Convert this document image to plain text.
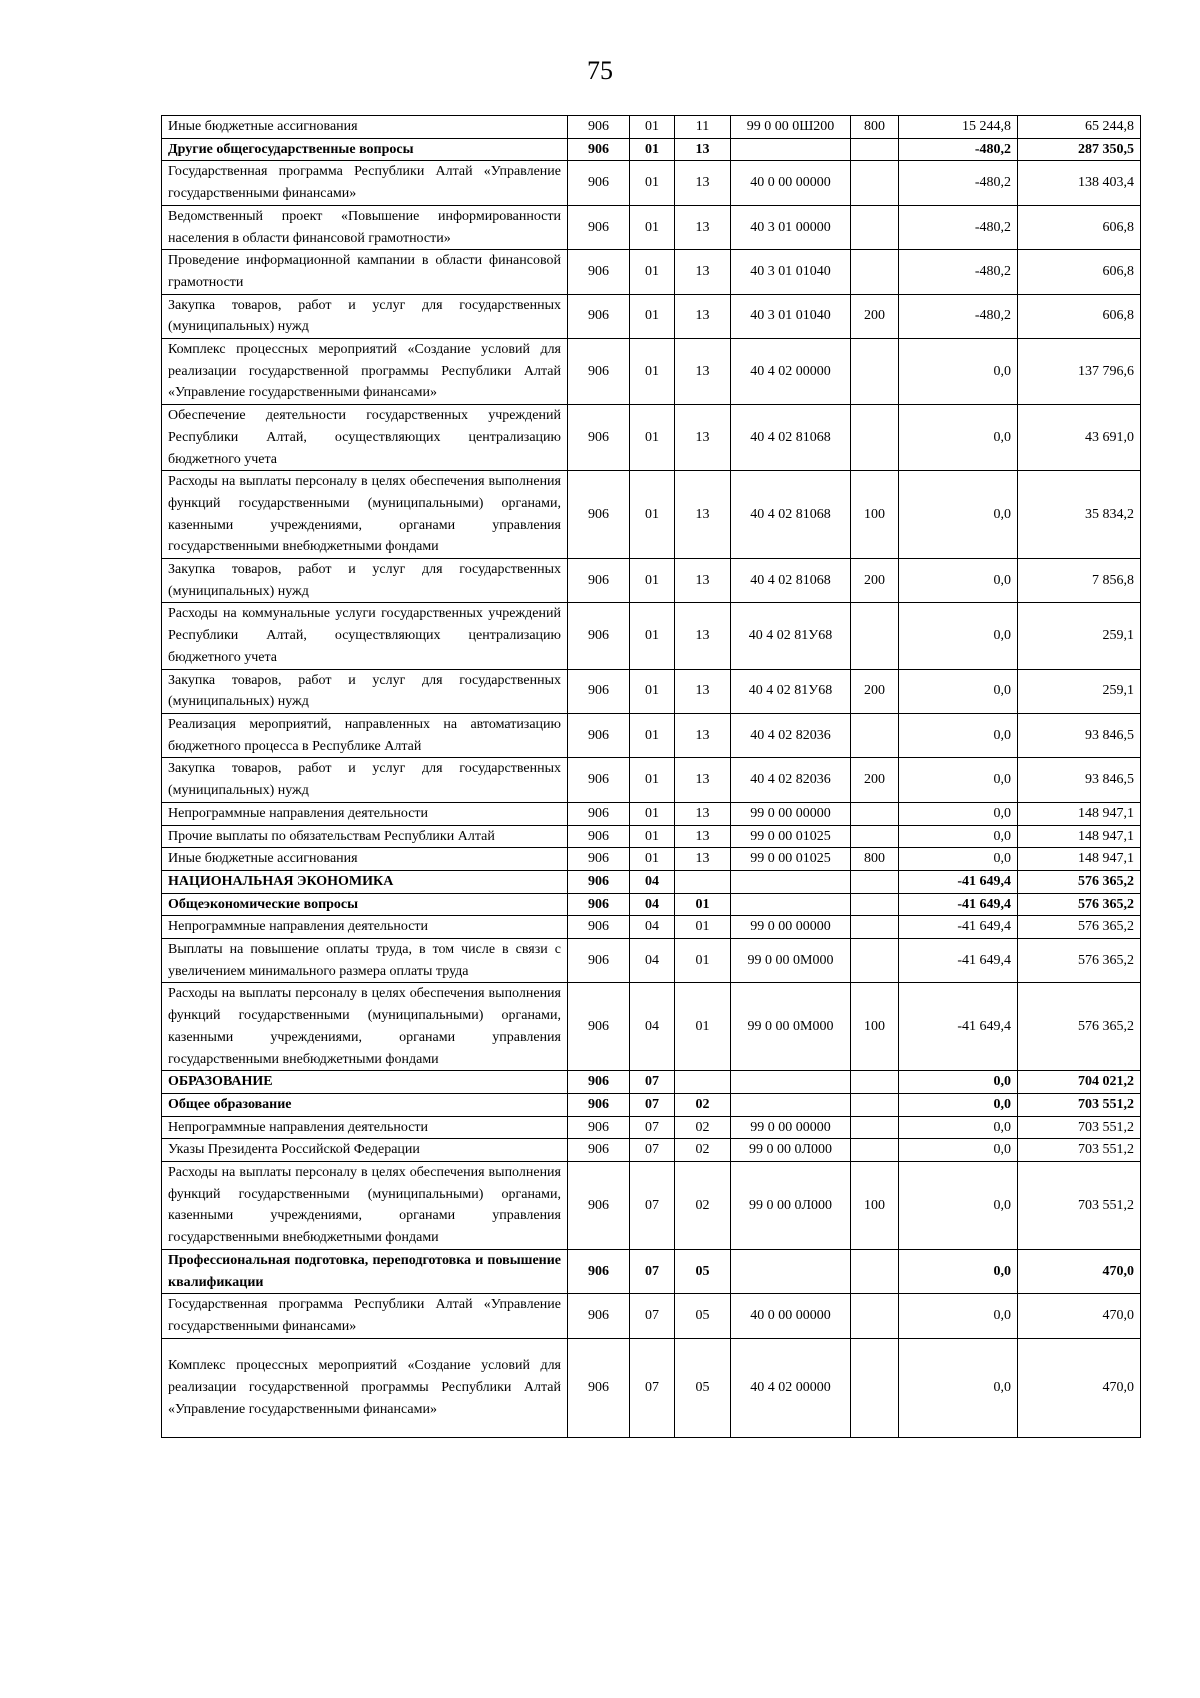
75
Иные бюджетные ассигнования	906	01	11	99 0 00 0Ш200	800	15 244,8	65 244,8
Другие общегосударственные вопросы	906	01	13			-480,2	287 350,5
Государственная программа Республики Алтай «Управление государственными финансами»	906	01	13	40 0 00 00000		-480,2	138 403,4
Ведомственный проект «Повышение информированности населения в области финансовой грамотности»	906	01	13	40 3 01 00000		-480,2	606,8
Проведение информационной кампании в области финансовой грамотности	906	01	13	40 3 01 01040		-480,2	606,8
Закупка товаров, работ и услуг для государственных (муниципальных) нужд	906	01	13	40 3 01 01040	200	-480,2	606,8
Комплекс процессных мероприятий «Создание условий для реализации государственной программы Республики Алтай «Управление государственными финансами»	906	01	13	40 4 02 00000		0,0	137 796,6
Обеспечение деятельности государственных учреждений Республики Алтай, осуществляющих централизацию бюджетного учета	906	01	13	40 4 02 81068		0,0	43 691,0
Расходы на выплаты персоналу в целях обеспечения выполнения функций государственными (муниципальными) органами, казенными учреждениями, органами управления государственными внебюджетными фондами	906	01	13	40 4 02 81068	100	0,0	35 834,2
Закупка товаров, работ и услуг для государственных (муниципальных) нужд	906	01	13	40 4 02 81068	200	0,0	7 856,8
Расходы на коммунальные услуги государственных учреждений Республики Алтай, осуществляющих централизацию бюджетного учета	906	01	13	40 4 02 81У68		0,0	259,1
Закупка товаров, работ и услуг для государственных (муниципальных) нужд	906	01	13	40 4 02 81У68	200	0,0	259,1
Реализация мероприятий, направленных на автоматизацию бюджетного процесса в Республике Алтай	906	01	13	40 4 02 82036		0,0	93 846,5
Закупка товаров, работ и услуг для государственных (муниципальных) нужд	906	01	13	40 4 02 82036	200	0,0	93 846,5
Непрограммные направления деятельности	906	01	13	99 0 00 00000		0,0	148 947,1
Прочие выплаты по обязательствам Республики Алтай	906	01	13	99 0 00 01025		0,0	148 947,1
Иные бюджетные ассигнования	906	01	13	99 0 00 01025	800	0,0	148 947,1
НАЦИОНАЛЬНАЯ ЭКОНОМИКА	906	04				-41 649,4	576 365,2
Общеэкономические вопросы	906	04	01			-41 649,4	576 365,2
Непрограммные направления деятельности	906	04	01	99 0 00 00000		-41 649,4	576 365,2
Выплаты на повышение оплаты труда, в том числе в связи с увеличением минимального размера оплаты труда	906	04	01	99 0 00 0М000		-41 649,4	576 365,2
Расходы на выплаты персоналу в целях обеспечения выполнения функций государственными (муниципальными) органами, казенными учреждениями, органами управления государственными внебюджетными фондами	906	04	01	99 0 00 0М000	100	-41 649,4	576 365,2
ОБРАЗОВАНИЕ	906	07				0,0	704 021,2
Общее образование	906	07	02			0,0	703 551,2
Непрограммные направления деятельности	906	07	02	99 0 00 00000		0,0	703 551,2
Указы Президента Российской Федерации	906	07	02	99 0 00 0Л000		0,0	703 551,2
Расходы на выплаты персоналу в целях обеспечения выполнения функций государственными (муниципальными) органами, казенными учреждениями, органами управления государственными внебюджетными фондами	906	07	02	99 0 00 0Л000	100	0,0	703 551,2
Профессиональная подготовка, переподготовка и повышение квалификации	906	07	05			0,0	470,0
Государственная программа Республики Алтай «Управление государственными финансами»	906	07	05	40 0 00 00000		0,0	470,0
Комплекс процессных мероприятий «Создание условий для реализации государственной программы Республики Алтай «Управление государственными финансами»	906	07	05	40 4 02 00000		0,0	470,0
